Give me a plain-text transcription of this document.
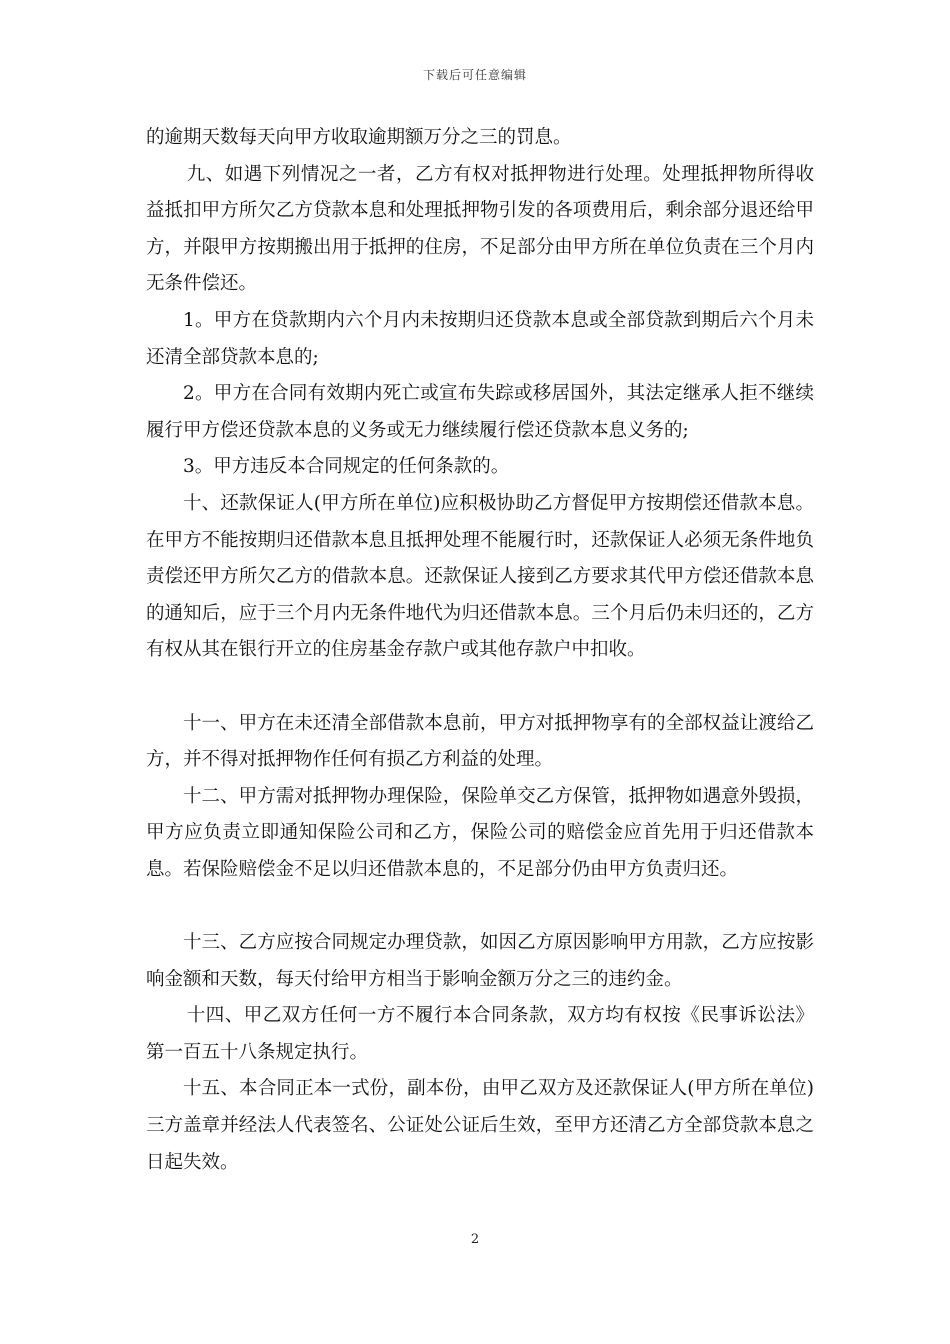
下载后可任意编辑

的逾期天数每天向甲方收取逾期额万分之三的罚息。

九、如遇下列情况之一者，乙方有权对抵押物进行处理。处理抵押物所得收益抵扣甲方所欠乙方贷款本息和处理抵押物引发的各项费用后，剩余部分退还给甲方，并限甲方按期搬出用于抵押的住房，不足部分由甲方所在单位负责在三个月内无条件偿还。

1。甲方在贷款期内六个月内未按期归还贷款本息或全部贷款到期后六个月未还清全部贷款本息的;

2。甲方在合同有效期内死亡或宣布失踪或移居国外，其法定继承人拒不继续履行甲方偿还贷款本息的义务或无力继续履行偿还贷款本息义务的;

3。甲方违反本合同规定的任何条款的。

十、还款保证人(甲方所在单位)应积极协助乙方督促甲方按期偿还借款本息。在甲方不能按期归还借款本息且抵押处理不能履行时，还款保证人必须无条件地负责偿还甲方所欠乙方的借款本息。还款保证人接到乙方要求其代甲方偿还借款本息的通知后，应于三个月内无条件地代为归还借款本息。三个月后仍未归还的，乙方有权从其在银行开立的住房基金存款户或其他存款户中扣收。

十一、甲方在未还清全部借款本息前，甲方对抵押物享有的全部权益让渡给乙方，并不得对抵押物作任何有损乙方利益的处理。

十二、甲方需对抵押物办理保险，保险单交乙方保管，抵押物如遇意外毁损，甲方应负责立即通知保险公司和乙方，保险公司的赔偿金应首先用于归还借款本息。若保险赔偿金不足以归还借款本息的，不足部分仍由甲方负责归还。

十三、乙方应按合同规定办理贷款，如因乙方原因影响甲方用款，乙方应按影响金额和天数，每天付给甲方相当于影响金额万分之三的违约金。

十四、甲乙双方任何一方不履行本合同条款，双方均有权按《民事诉讼法》第一百五十八条规定执行。

十五、本合同正本一式份，副本份，由甲乙双方及还款保证人(甲方所在单位)三方盖章并经法人代表签名、公证处公证后生效，至甲方还清乙方全部贷款本息之日起失效。

2
